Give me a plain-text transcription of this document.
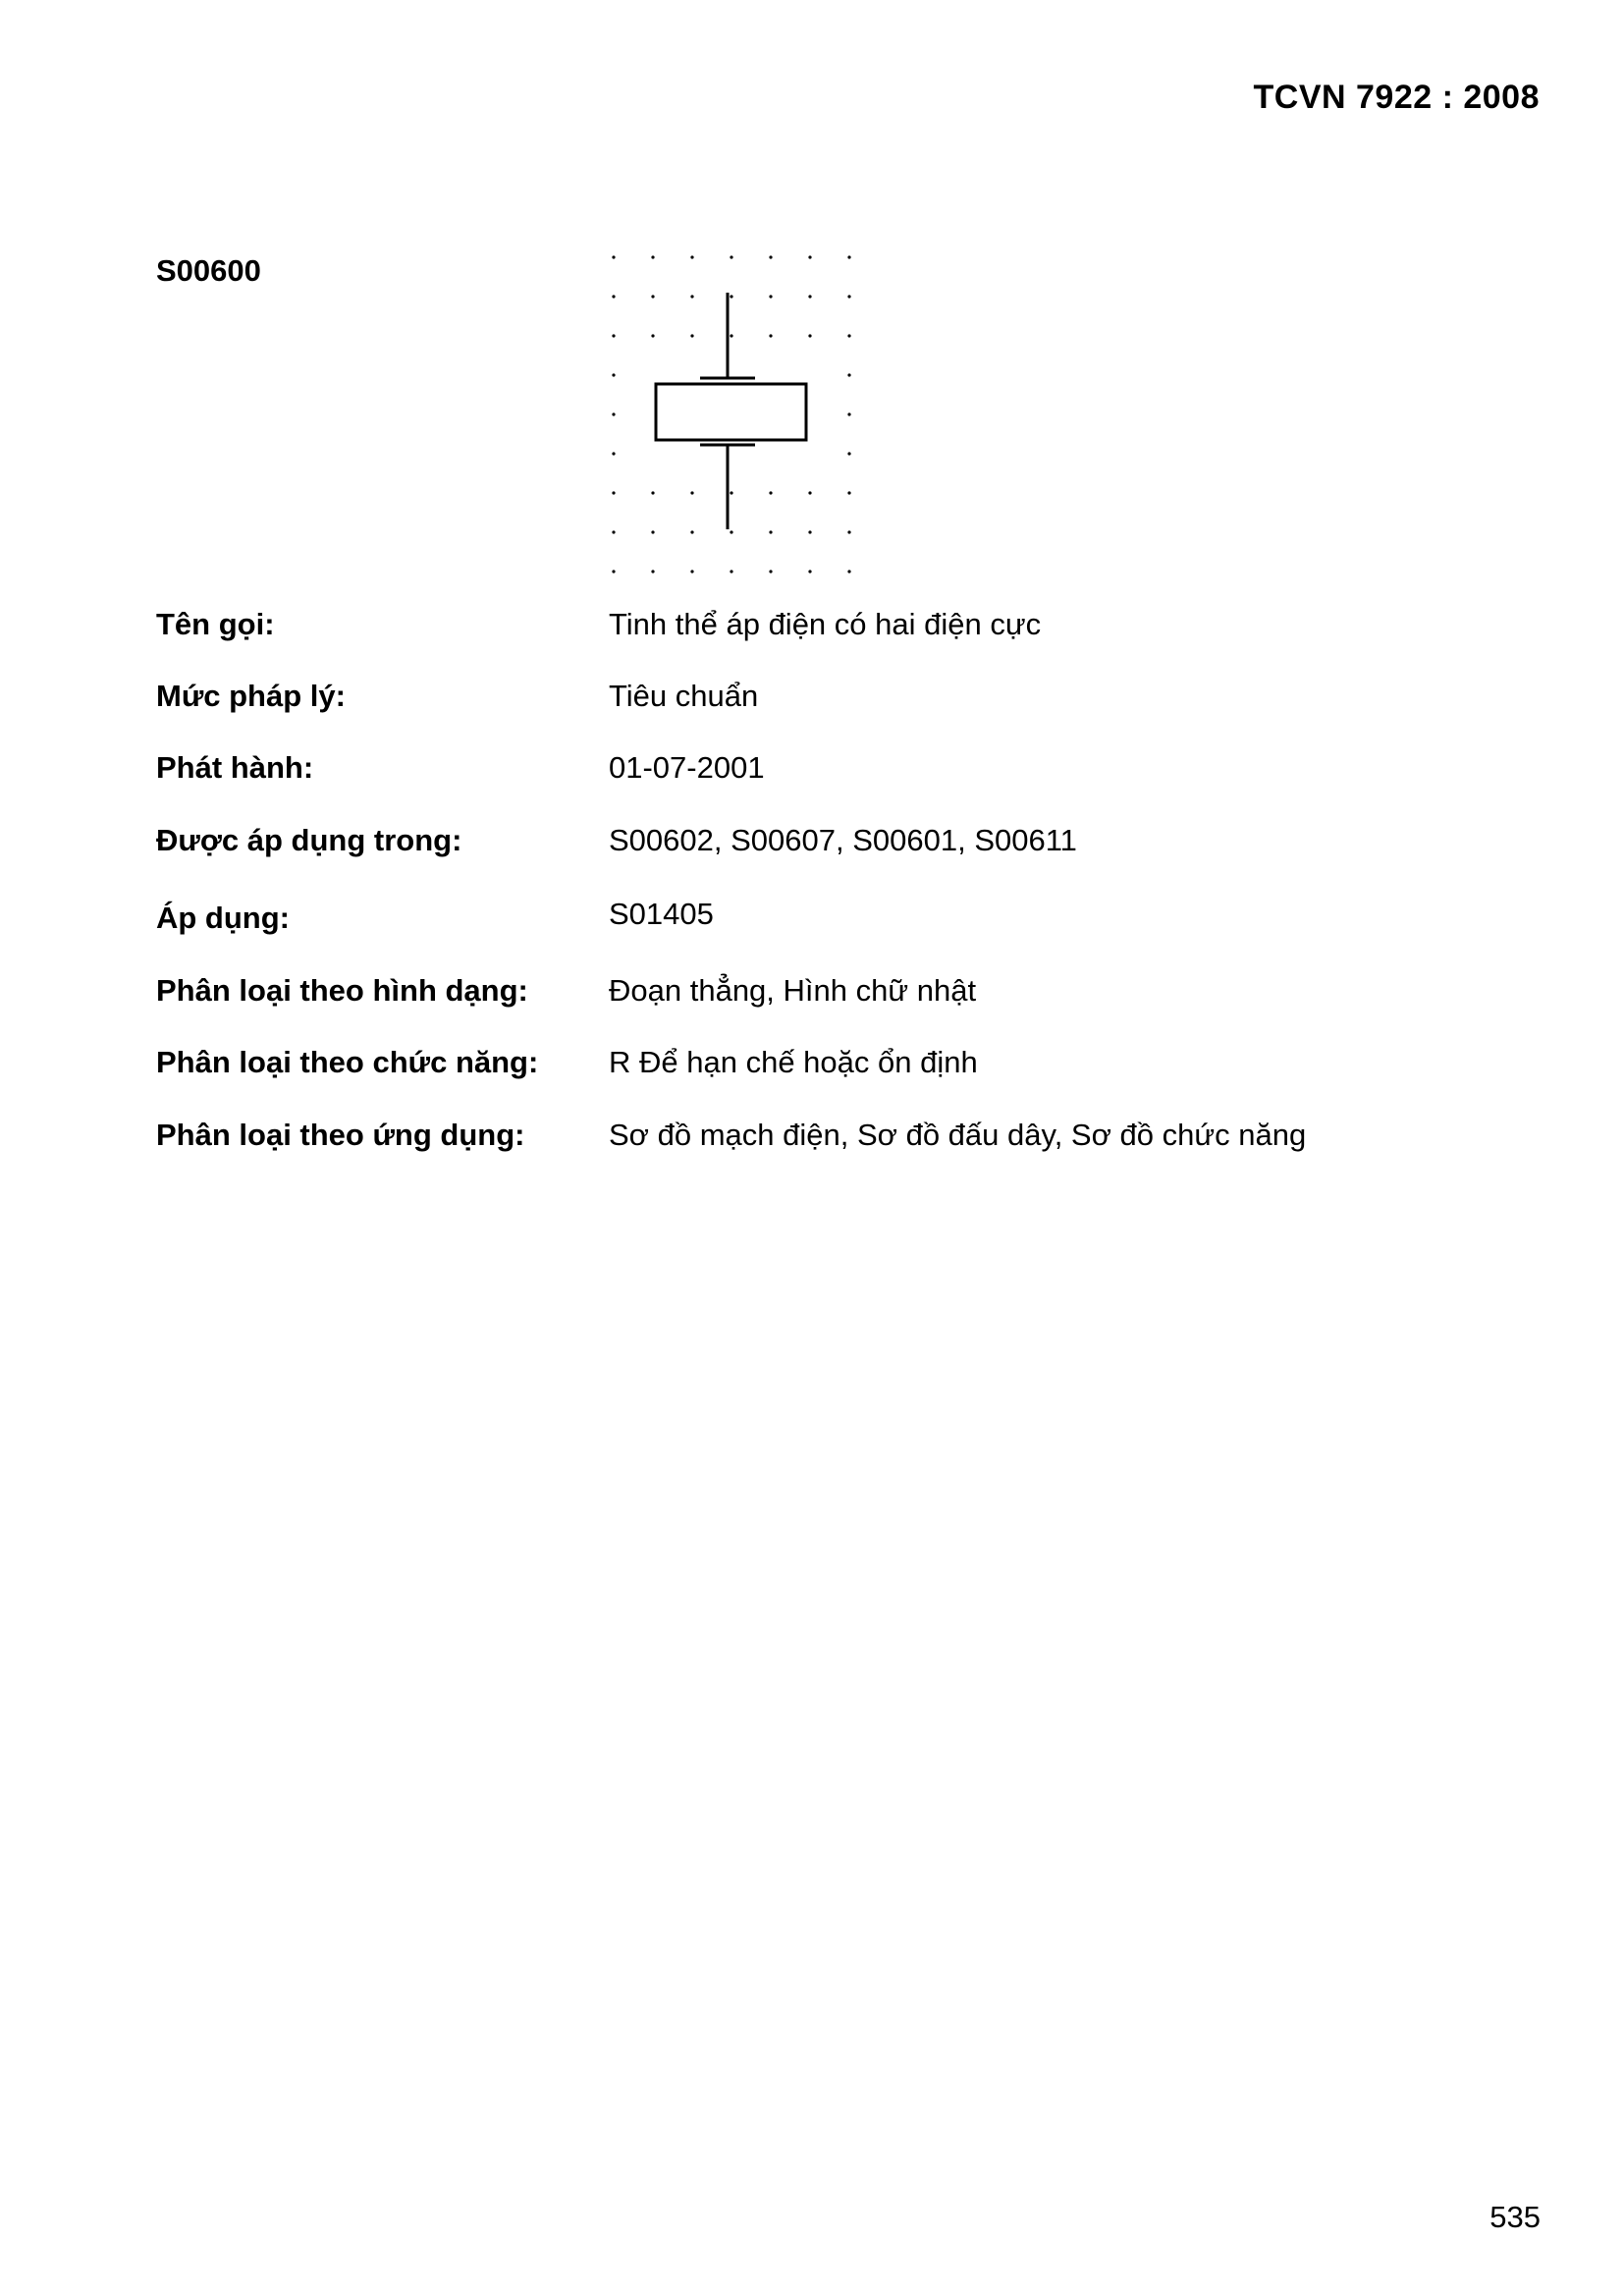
TCVN 7922 : 2008
S00600
Tên gọi:	Tinh thể áp điện có hai điện cực
Mức pháp lý:	Tiêu chuẩn
Phát hành:	01-07-2001
Được áp dụng trong:	S00602, S00607, S00601, S00611
Áp dụng:	S01405
Phân loại theo hình dạng:	Đoạn thẳng, Hình chữ nhật
Phân loại theo chức năng: R Để hạn chế hoặc ổn định
Phân loại theo ứng dụng:	Sơ đồ mạch điện, Sơ đồ đấu dây, Sơ đồ chức năng
535
